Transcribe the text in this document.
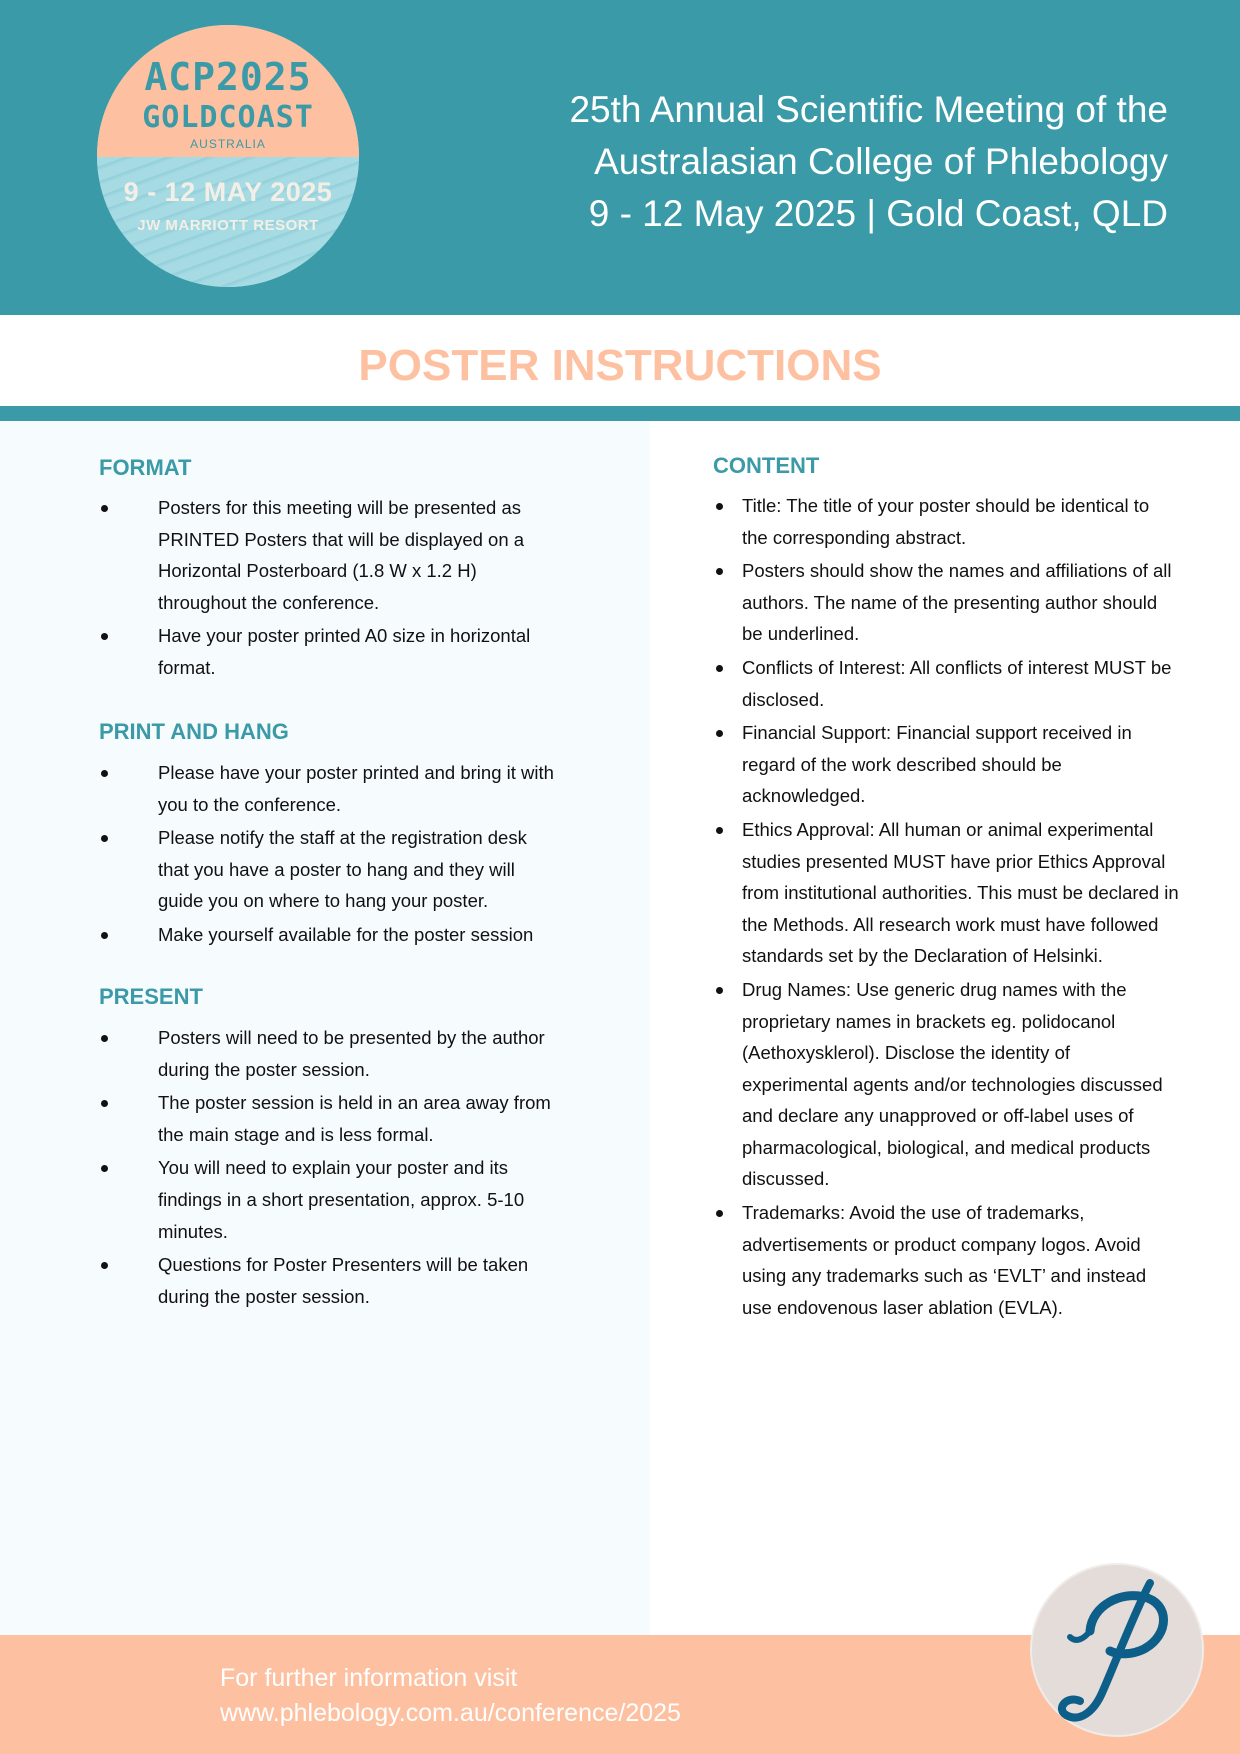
ACP2025
GOLDCOAST
AUSTRALIA
9 - 12 MAY 2025
JW MARRIOTT RESORT
25th Annual Scientific Meeting of the
Australasian College of Phlebology
9 - 12 May 2025 | Gold Coast, QLD
POSTER INSTRUCTIONS
FORMAT
Posters for this meeting will be presented as PRINTED Posters that will be displayed on a Horizontal Posterboard (1.8 W x 1.2 H) throughout the conference.
Have your poster printed A0 size in horizontal format.
PRINT AND HANG
Please have your poster printed and bring it with you to the conference.
Please notify the staff at the registration desk that you have a poster to hang and they will guide you on where to hang your poster.
Make yourself available for the poster session
PRESENT
Posters will need to be presented by the author during the poster session.
The poster session is held in an area away from the main stage and is less formal.
You will need to explain your poster and its findings in a short presentation, approx. 5-10 minutes.
Questions for Poster Presenters will be taken during the poster session.
CONTENT
Title: The title of your poster should be identical to the corresponding abstract.
Posters should show the names and affiliations of all authors. The name of the presenting author should be underlined.
Conflicts of Interest: All conflicts of interest MUST be disclosed.
Financial Support: Financial support received in regard of the work described should be acknowledged.
Ethics Approval: All human or animal experimental studies presented MUST have prior Ethics Approval from institutional authorities. This must be declared in the Methods. All research work must have followed standards set by the Declaration of Helsinki.
Drug Names: Use generic drug names with the proprietary names in brackets eg. polidocanol (Aethoxysklerol). Disclose the identity of experimental agents and/or technologies discussed and declare any unapproved or off-label uses of pharmacological, biological, and medical products discussed.
Trademarks: Avoid the use of trademarks, advertisements or product company logos. Avoid using any trademarks such as ‘EVLT’ and instead use endovenous laser ablation (EVLA).
For further information visit
www.phlebology.com.au/conference/2025
